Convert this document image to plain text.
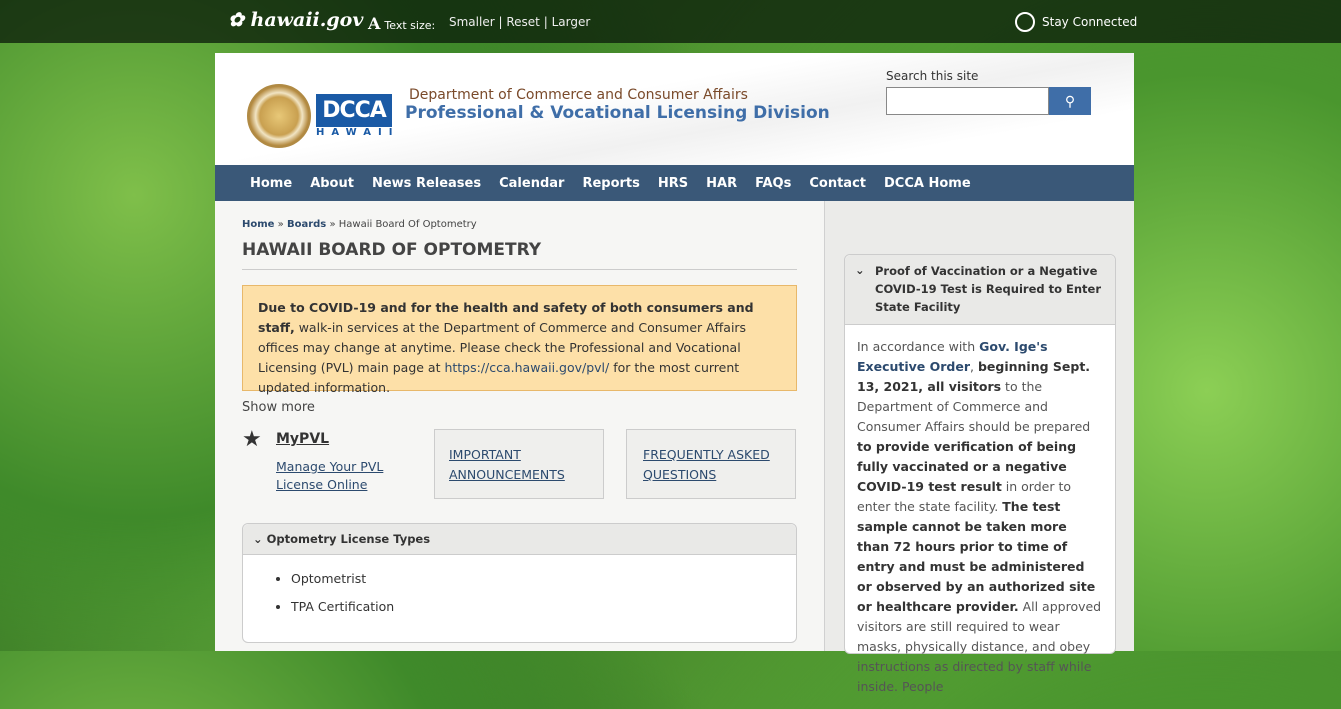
✿ hawaii.gov A Text size: Smaller | Reset | Larger	Stay Connected
DCCA
HAWAII
Department of Commerce and Consumer Affairs
Professional & Vocational Licensing Division
Search this site
⚲
Home About News Releases Calendar Reports HRS HAR FAQs Contact DCCA Home
Home » Boards » Hawaii Board Of Optometry
HAWAII BOARD OF OPTOMETRY
Due to COVID-19 and for the health and safety of both consumers and staff, walk-in services at the Department of Commerce and Consumer Affairs offices may change at anytime. Please check the Professional and Vocational Licensing (PVL) main page at https://cca.hawaii.gov/pvl/ for the most current updated information.
Show more
★ MyPVL
Manage Your PVL License Online
IMPORTANT ANNOUNCEMENTS
FREQUENTLY ASKED QUESTIONS
⌄ Optometry License Types
• Optometrist
• TPA Certification
⌄ Proof of Vaccination or a Negative COVID-19 Test is Required to Enter State Facility
In accordance with Gov. Ige's Executive Order, beginning Sept. 13, 2021, all visitors to the Department of Commerce and Consumer Affairs should be prepared to provide verification of being fully vaccinated or a negative COVID-19 test result in order to enter the state facility. The test sample cannot be taken more than 72 hours prior to time of entry and must be administered or observed by an authorized site or healthcare provider. All approved visitors are still required to wear masks, physically distance, and obey instructions as directed by staff while inside. People
